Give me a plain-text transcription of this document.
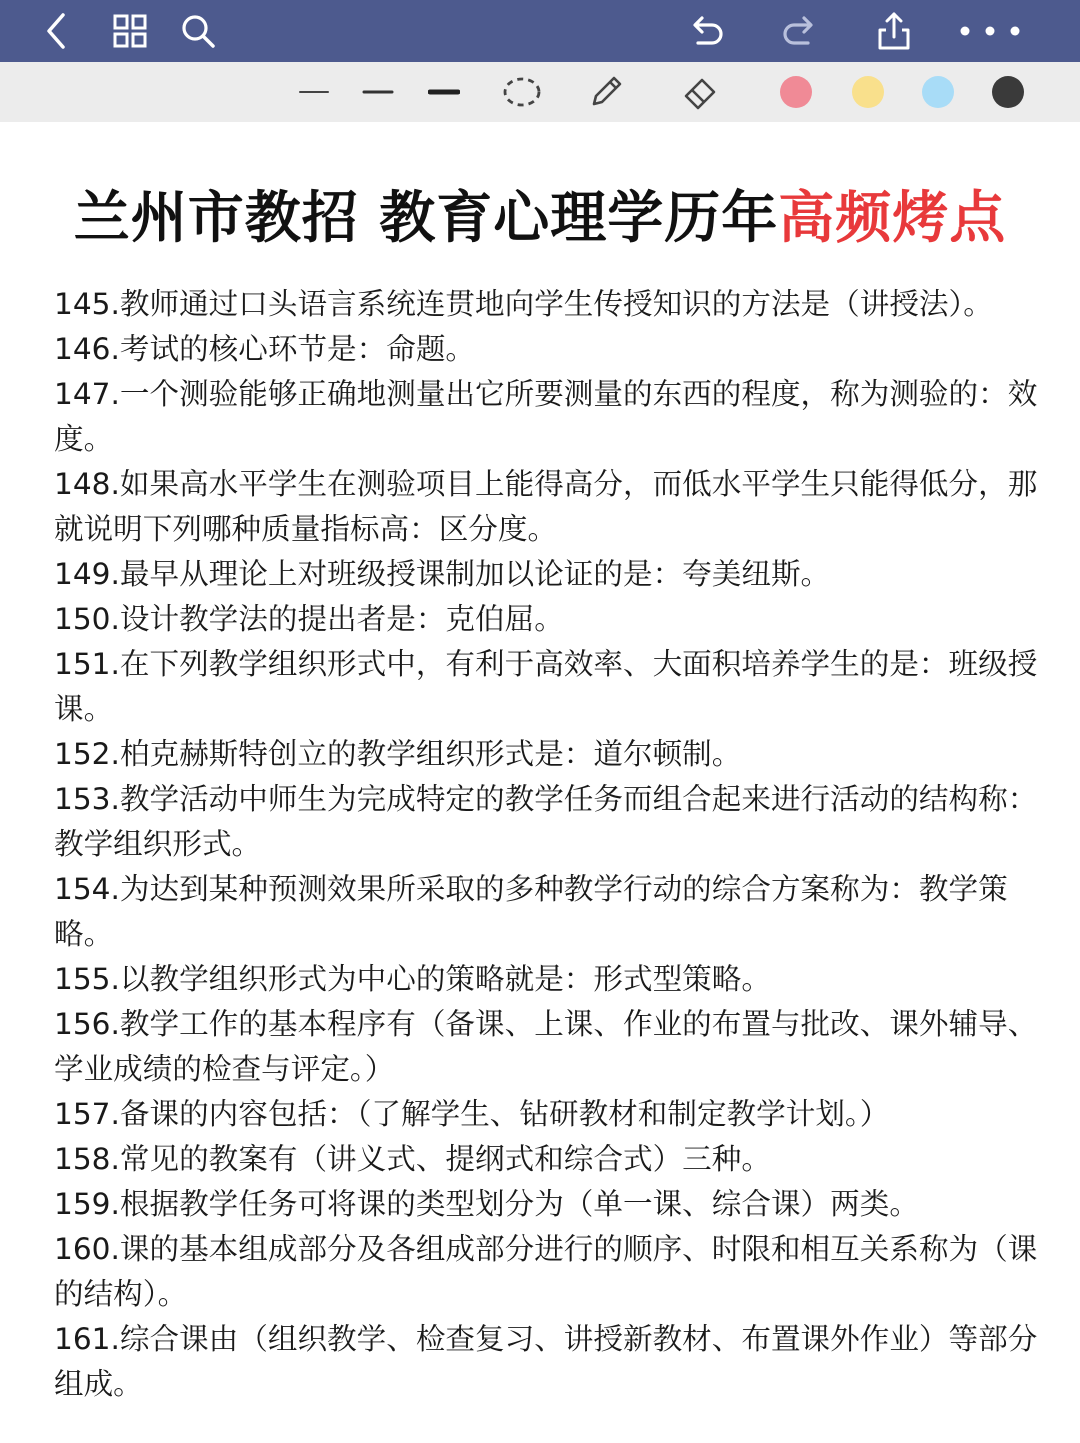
兰州市教招 教育心理学历年高频烤点
145.教师通过口头语言系统连贯地向学生传授知识的方法是（讲授法）。
146.考试的核心环节是：命题。
147.一个测验能够正确地测量出它所要测量的东西的程度，称为测验的：效度。
148.如果高水平学生在测验项目上能得高分，而低水平学生只能得低分，那就说明下列哪种质量指标高：区分度。
149.最早从理论上对班级授课制加以论证的是：夸美纽斯。
150.设计教学法的提出者是：克伯屈。
151.在下列教学组织形式中，有利于高效率、大面积培养学生的是：班级授课。
152.柏克赫斯特创立的教学组织形式是：道尔顿制。
153.教学活动中师生为完成特定的教学任务而组合起来进行活动的结构称：教学组织形式。
154.为达到某种预测效果所采取的多种教学行动的综合方案称为：教学策略。
155.以教学组织形式为中心的策略就是：形式型策略。
156.教学工作的基本程序有（备课、上课、作业的布置与批改、课外辅导、学业成绩的检查与评定。）
157.备课的内容包括：（了解学生、钻研教材和制定教学计划。）
158.常见的教案有（讲义式、提纲式和综合式）三种。
159.根据教学任务可将课的类型划分为（单一课、综合课）两类。
160.课的基本组成部分及各组成部分进行的顺序、时限和相互关系称为（课的结构）。
161.综合课由（组织教学、检查复习、讲授新教材、布置课外作业）等部分组成。
